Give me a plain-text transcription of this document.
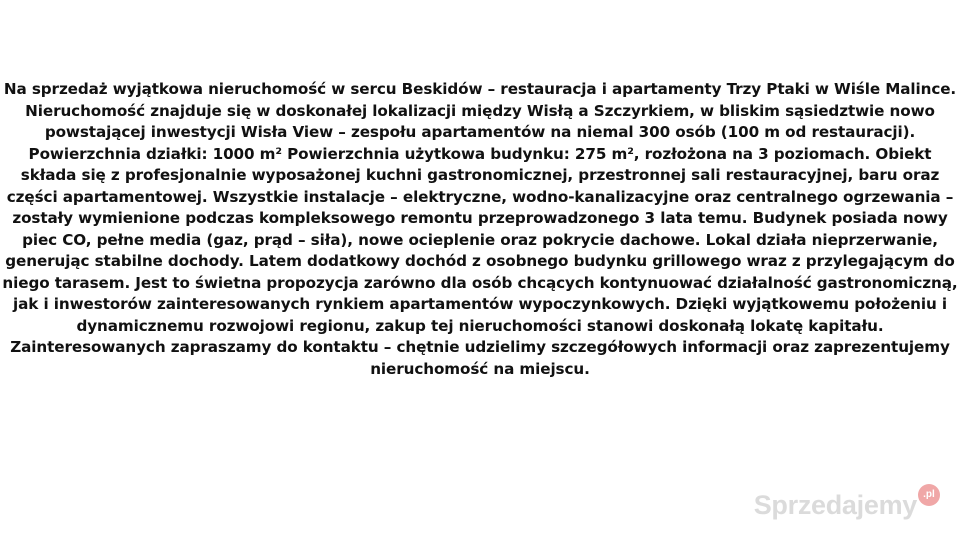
Na sprzedaż wyjątkowa nieruchomość w sercu Beskidów – restauracja i apartamenty Trzy Ptaki w Wiśle Malince. Nieruchomość znajduje się w doskonałej lokalizacji między Wisłą a Szczyrkiem, w bliskim sąsiedztwie nowo powstającej inwestycji Wisła View – zespołu apartamentów na niemal 300 osób (100 m od restauracji). Powierzchnia działki: 1000 m² Powierzchnia użytkowa budynku: 275 m², rozłożona na 3 poziomach. Obiekt składa się z profesjonalnie wyposażonej kuchni gastronomicznej, przestronnej sali restauracyjnej, baru oraz części apartamentowej. Wszystkie instalacje – elektryczne, wodno-kanalizacyjne oraz centralnego ogrzewania – zostały wymienione podczas kompleksowego remontu przeprowadzonego 3 lata temu. Budynek posiada nowy piec CO, pełne media (gaz, prąd – siła), nowe ocieplenie oraz pokrycie dachowe. Lokal działa nieprzerwanie, generując stabilne dochody. Latem dodatkowy dochód z osobnego budynku grillowego wraz z przylegającym do niego tarasem. Jest to świetna propozycja zarówno dla osób chcących kontynuować działalność gastronomiczną, jak i inwestorów zainteresowanych rynkiem apartamentów wypoczynkowych. Dzięki wyjątkowemu położeniu i dynamicznemu rozwojowi regionu, zakup tej nieruchomości stanowi doskonałą lokatę kapitału. Zainteresowanych zapraszamy do kontaktu – chętnie udzielimy szczegółowych informacji oraz zaprezentujemy nieruchomość na miejscu.
Sprzedajemy .pl
